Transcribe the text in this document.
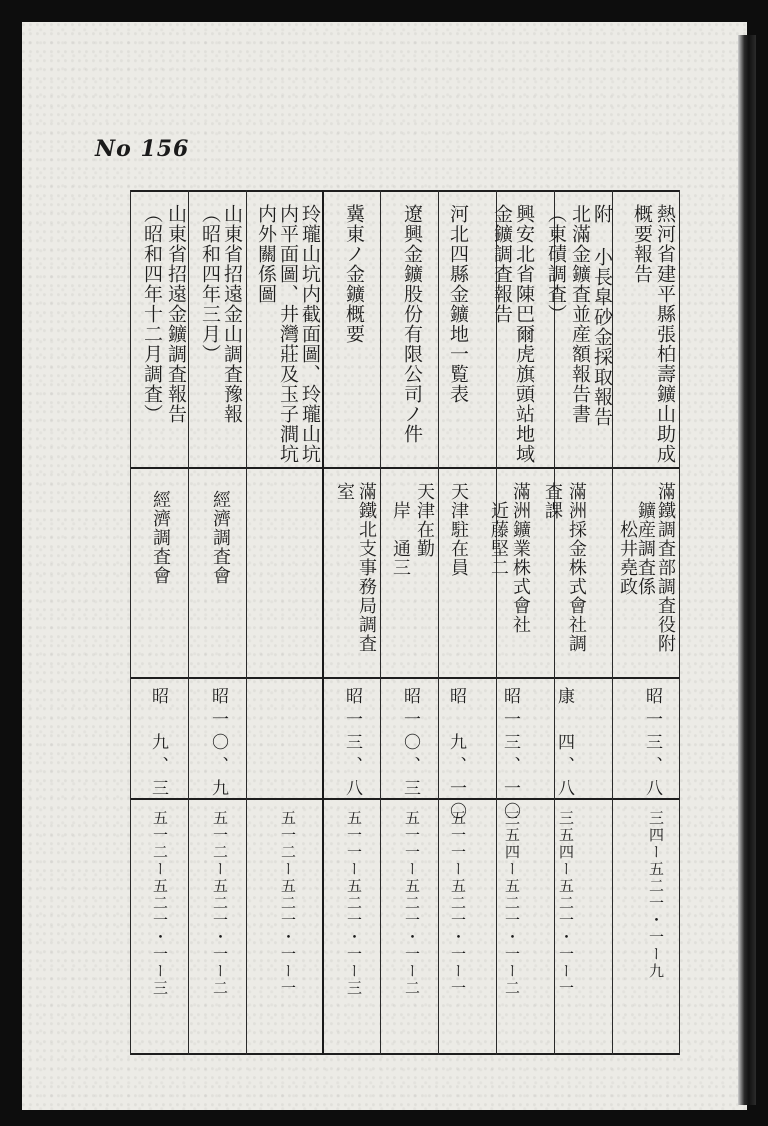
No 156
熱河省建平縣張柏壽鑛山助成
概要報告
滿鐵調査部調査役附
　鑛産調査係
　　松井堯政
昭一三、八
三四ー五二一・一ー九
附 小長皐砂金採取報告
北滿金鑛査並産額報告書
（東磧調査）
滿洲採金株式會社調
査課
康　四、八
三五四ー五二一・一ー一
興安北省陳巴爾虎旗頭站地域
金鑛調査報告
滿洲鑛業株式會社
　近藤堅二
昭一三、一〇
三五四ー五二一・一ー二
河北四縣金鑛地一覧表
天津駐在員
昭　九、一〇
五一一ー五二一・一ー一
遼興金鑛股份有限公司ノ件
天津在勤
　岸　通三
昭一〇、三
五一一ー五二一・一ー二
冀東ノ金鑛概要
滿鐵北支事務局調査
室
昭一三、八
五一一ー五二一・一ー三
玲瓏山坑内截面圖、玲瓏山坑
内平面圖、井灣莊及玉子澗坑
内外關係圖
五一二ー五二一・一ー一
山東省招遠金山調査豫報
（昭和四年三月）
經濟調査會
昭一〇、九
五一二ー五二一・一ー二
山東省招遠金鑛調査報告
（昭和四年十二月調査）
經濟調査會
昭　九、三
五一二ー五二一・一ー三
